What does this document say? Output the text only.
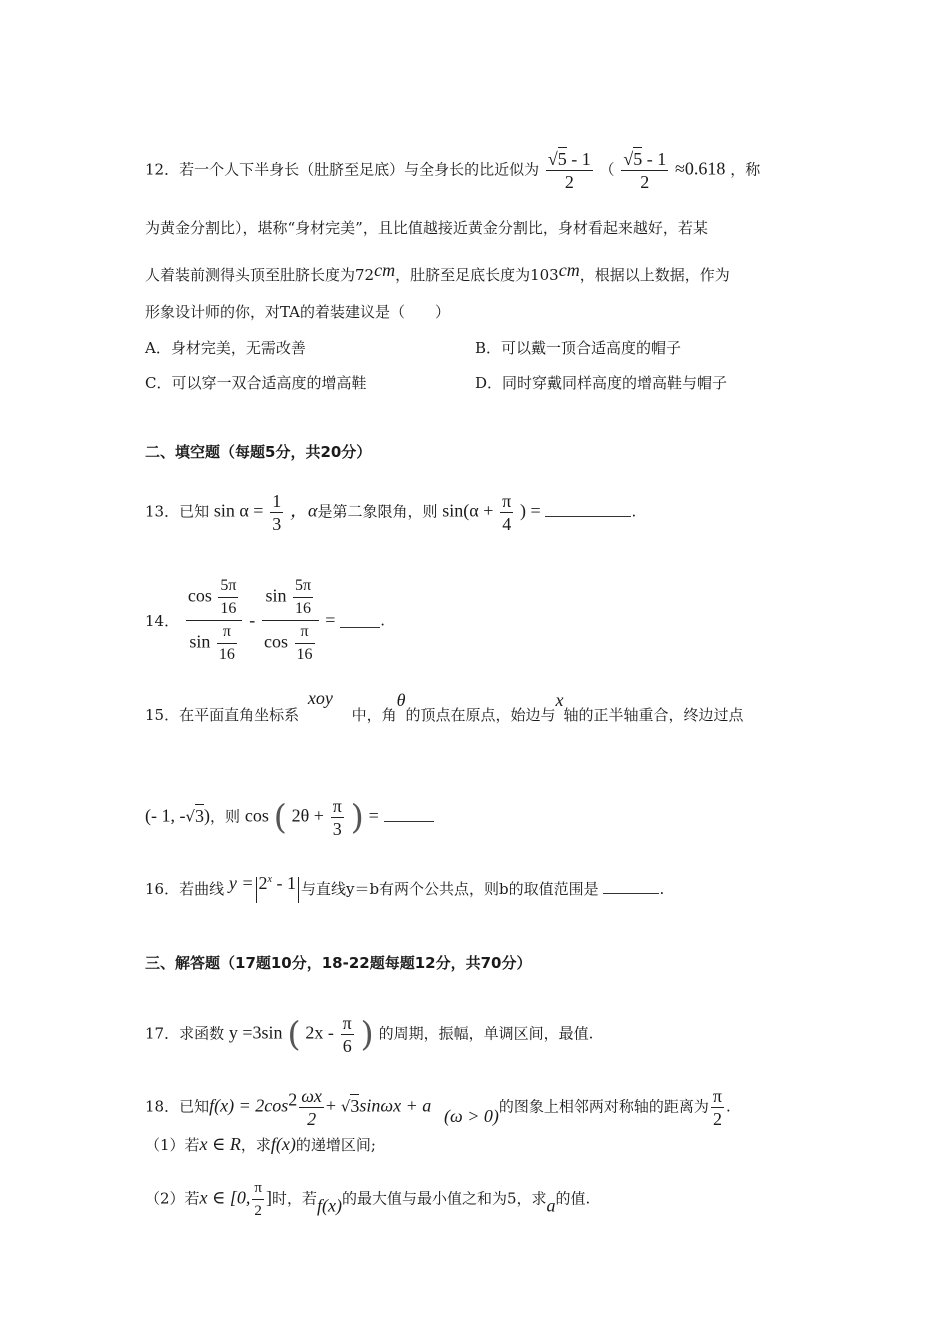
12．若一个人下半身长（肚脐至足底）与全身长的比近似为 $\frac{√5 - 1}{2}$ （ $\frac{√5 - 1}{2} \approx 0.618$ ，称
为黄金分割比），堪称“身材完美”，且比值越接近黄金分割比，身材看起来越好，若某
人着装前测得头顶至肚脐长度为72cm，肚脐至足底长度为103cm，根据以上数据，作为
形象设计师的你，对TA的着装建议是（　　）
A．身材完美，无需改善	B．可以戴一顶合适高度的帽子
C．可以穿一双合适高度的增高鞋	D．同时穿戴同样高度的增高鞋与帽子
二、填空题（每题5分，共20分）
13．已知 $\sin \alpha = \frac{1}{3}$ ，α是第二象限角，则 $\sin(\alpha + \frac{\pi}{4}$ ) =	.
14． $\frac{\cos \frac{5\pi}{16}}{\sin \frac{\pi}{16}} - \frac{\sin \frac{5\pi}{16}}{\cos \frac{\pi}{16}}$ =	.
15．在平面直角坐标系 xoy 中，角θ的顶点在原点，始边与x轴的正半轴重合，终边过点
(- 1, -√3)，则 cos ( $2\theta + \frac{\pi}{3}$ ) =
16．若曲线 $y = 2^x - 1$ 与直线y＝b有两个公共点，则b的取值范围是	.
三、解答题（17题10分，18-22题每题12分，共70分）
17．求函数 y =3sin ( $2x - \frac{\pi}{6}$ ) 的周期，振幅，单调区间，最值.
18．已知$f(x) = 2\cos^2 \frac{\omega x}{2} + √3\sin\omega x + a$ (ω > 0)的图象上相邻两对称轴的距离为 $\frac{\pi}{2}$ .
（1）若x ∈ R，求f(x)的递增区间;
（2）若x ∈ [0, $\frac{\pi}{2}$ ]时，若f(x)的最大值与最小值之和为5，求a的值.
